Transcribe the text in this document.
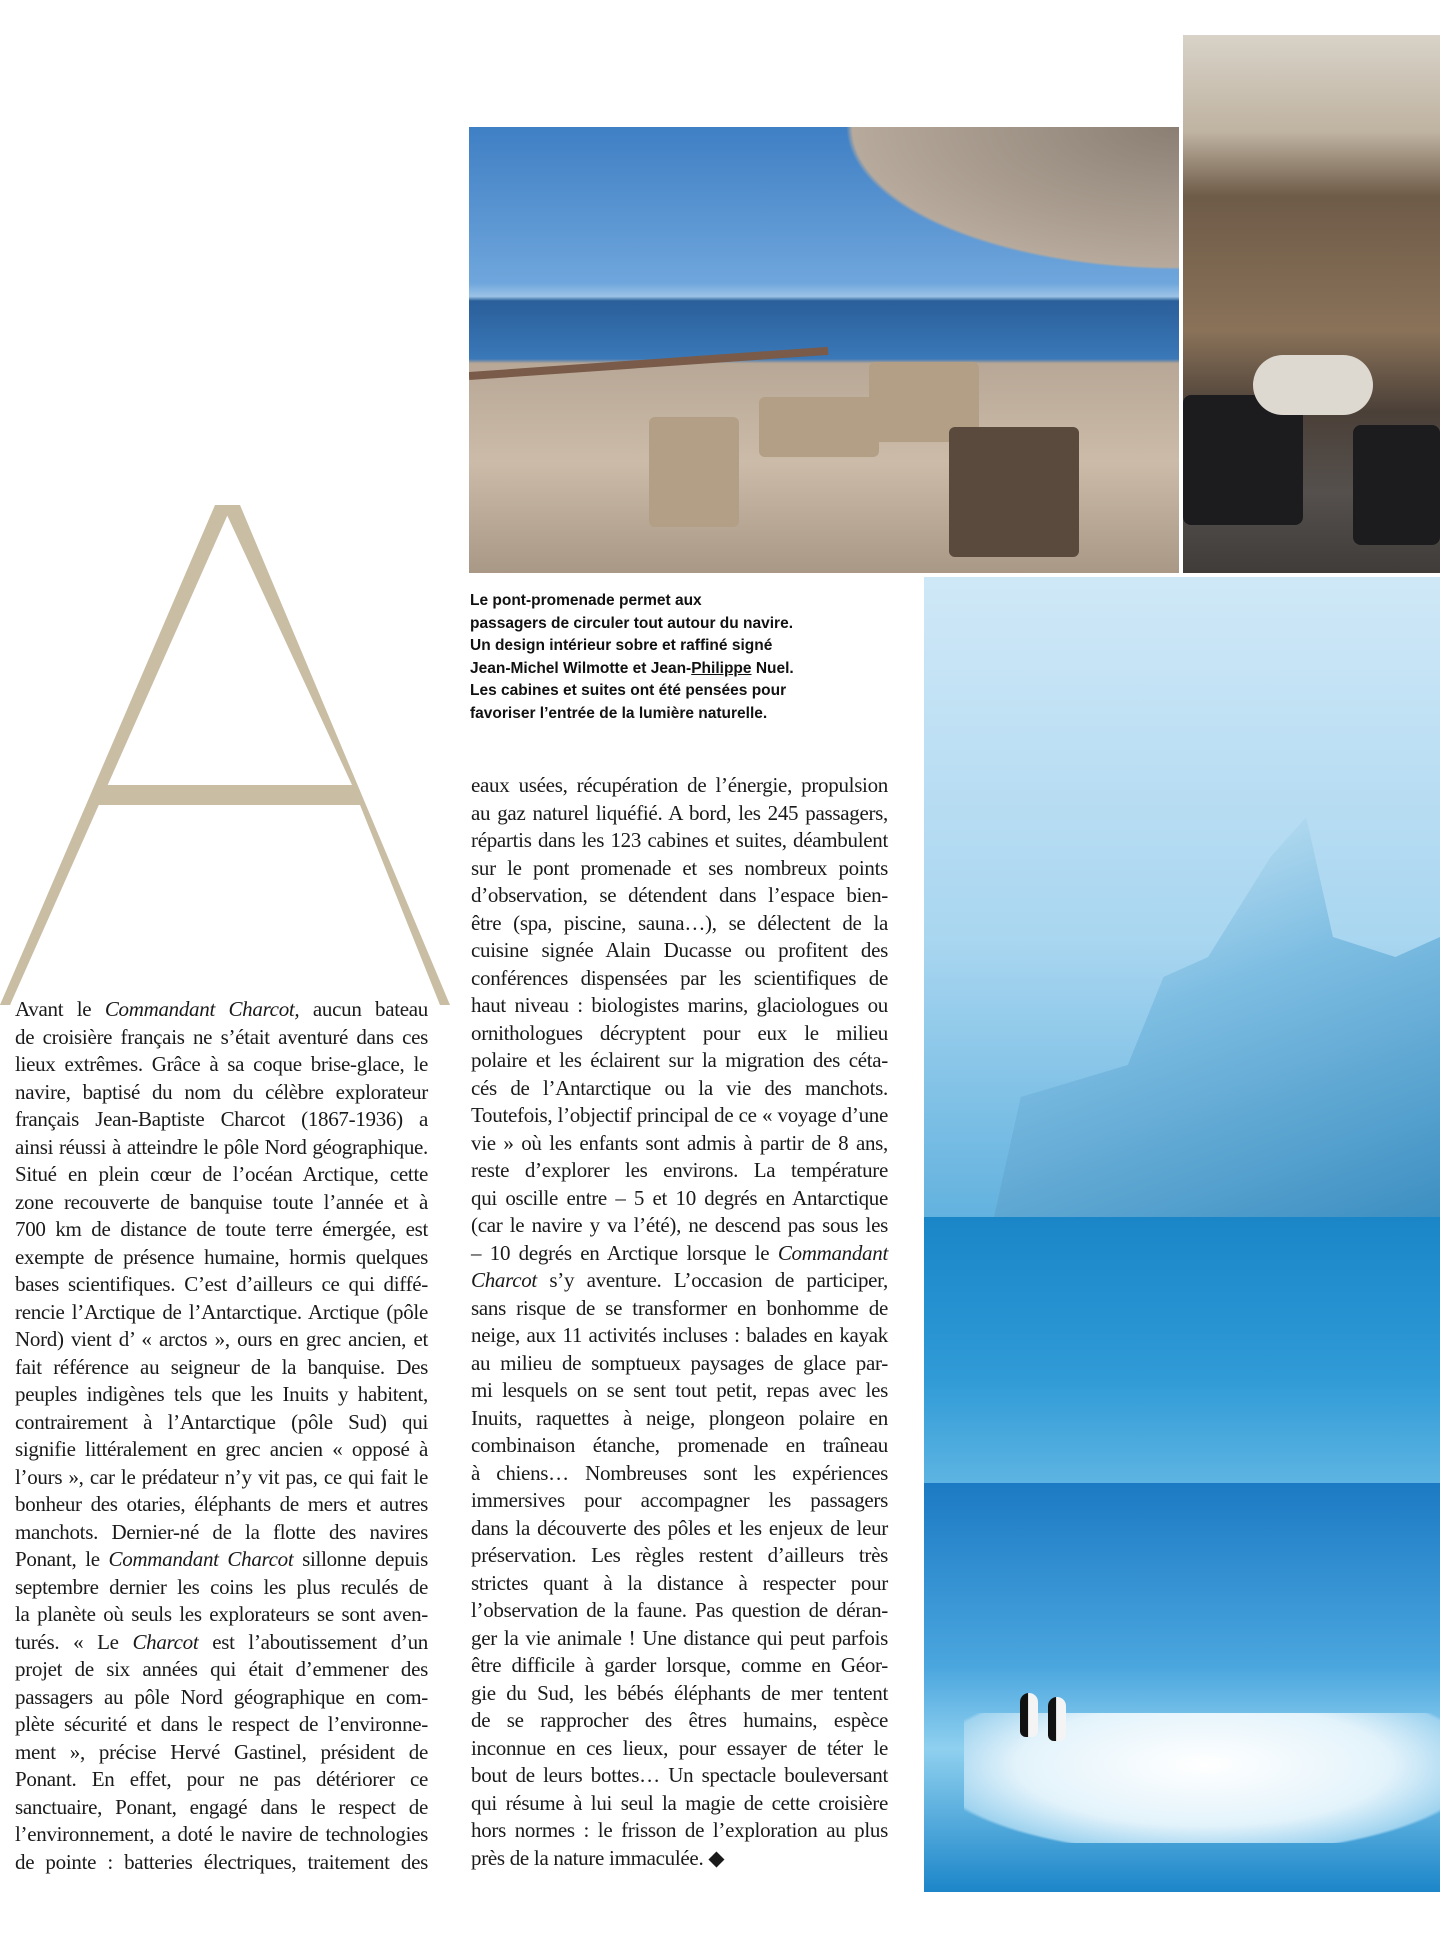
Le pont-promenade permet aux
passagers de circuler tout autour du navire.
Un design intérieur sobre et raffiné signé
Jean-Michel Wilmotte et Jean-Philippe Nuel.
Les cabines et suites ont été pensées pour
favoriser l’entrée de la lumière naturelle.
Avant le Commandant Charcot, aucun bateau
de croisière français ne s’était aventuré dans ces
lieux extrêmes. Grâce à sa coque brise-glace, le
navire, baptisé du nom du célèbre explorateur
français Jean-Baptiste Charcot (1867-1936) a
ainsi réussi à atteindre le pôle Nord géographique.
Situé en plein cœur de l’océan Arctique, cette
zone recouverte de banquise toute l’année et à
700 km de distance de toute terre émergée, est
exempte de présence humaine, hormis quelques
bases scientifiques. C’est d’ailleurs ce qui diffé-
rencie l’Arctique de l’Antarctique. Arctique (pôle
Nord) vient d’ « arctos », ours en grec ancien, et
fait référence au seigneur de la banquise. Des
peuples indigènes tels que les Inuits y habitent,
contrairement à l’Antarctique (pôle Sud) qui
signifie littéralement en grec ancien « opposé à
l’ours », car le prédateur n’y vit pas, ce qui fait le
bonheur des otaries, éléphants de mers et autres
manchots. Dernier-né de la flotte des navires
Ponant, le Commandant Charcot sillonne depuis
septembre dernier les coins les plus reculés de
la planète où seuls les explorateurs se sont aven-
turés. « Le Charcot est l’aboutissement d’un
projet de six années qui était d’emmener des
passagers au pôle Nord géographique en com-
plète sécurité et dans le respect de l’environne-
ment », précise Hervé Gastinel, président de
Ponant. En effet, pour ne pas détériorer ce
sanctuaire, Ponant, engagé dans le respect de
l’environnement, a doté le navire de technologies
de pointe : batteries électriques, traitement des
eaux usées, récupération de l’énergie, propulsion
au gaz naturel liquéfié. A bord, les 245 passagers,
répartis dans les 123 cabines et suites, déambulent
sur le pont promenade et ses nombreux points
d’observation, se détendent dans l’espace bien-
être (spa, piscine, sauna…), se délectent de la
cuisine signée Alain Ducasse ou profitent des
conférences dispensées par les scientifiques de
haut niveau : biologistes marins, glaciologues ou
ornithologues décryptent pour eux le milieu
polaire et les éclairent sur la migration des céta-
cés de l’Antarctique ou la vie des manchots.
Toutefois, l’objectif principal de ce « voyage d’une
vie » où les enfants sont admis à partir de 8 ans,
reste d’explorer les environs. La température
qui oscille entre – 5 et 10 degrés en Antarctique
(car le navire y va l’été), ne descend pas sous les
– 10 degrés en Arctique lorsque le Commandant
Charcot s’y aventure. L’occasion de participer,
sans risque de se transformer en bonhomme de
neige, aux 11 activités incluses : balades en kayak
au milieu de somptueux paysages de glace par-
mi lesquels on se sent tout petit, repas avec les
Inuits, raquettes à neige, plongeon polaire en
combinaison étanche, promenade en traîneau
à chiens… Nombreuses sont les expériences
immersives pour accompagner les passagers
dans la découverte des pôles et les enjeux de leur
préservation. Les règles restent d’ailleurs très
strictes quant à la distance à respecter pour
l’observation de la faune. Pas question de déran-
ger la vie animale ! Une distance qui peut parfois
être difficile à garder lorsque, comme en Géor-
gie du Sud, les bébés éléphants de mer tentent
de se rapprocher des êtres humains, espèce
inconnue en ces lieux, pour essayer de téter le
bout de leurs bottes… Un spectacle bouleversant
qui résume à lui seul la magie de cette croisière
hors normes : le frisson de l’exploration au plus
près de la nature immaculée. ◆
